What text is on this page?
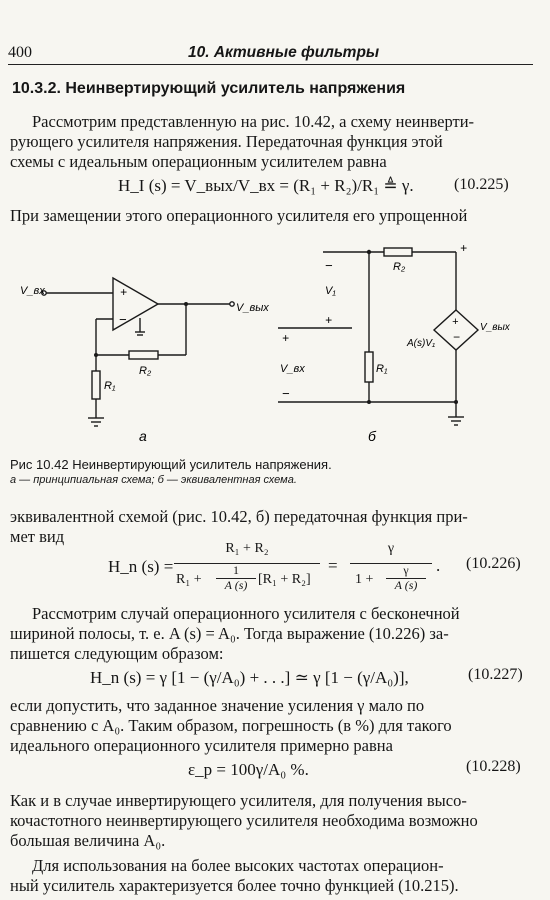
400	10. Активные фильтры
10.3.2. Неинвертирующий усилитель напряжения
Рассмотрим представленную на рис. 10.42, а схему неинверти-
рующего усилителя напряжения. Передаточная функция этой
схемы с идеальным операционным усилителем равна
H_I (s) = V_вых/V_вх = (R₁ + R₂)/R₁ ≜ γ.	(10.225)
При замещении этого операционного усилителя его упрощенной
V_вх
V_вых
+
−
R₂
R₁
а
−
V₁
+
+
V_вх
−
R₂
R₁
A(s)V₁
V_вых
+
+
−
б
Рис 10.42 Неинвертирующий усилитель напряжения.
а — принципиальная схема; б — эквивалентная схема.
эквивалентной схемой (рис. 10.42, б) передаточная функция при-
мет вид
H_n (s) =
R₁ + R₂
R₁ +
1
A (s) [R₁ + R₂]
=
γ
1 +
γ
A (s)
. (10.226)
Рассмотрим случай операционного усилителя с бесконечной
шириной полосы, т. е. A (s) = A₀. Тогда выражение (10.226) за-
пишется следующим образом:
H_n (s) = γ [1 − (γ/A₀) + . . .] ≃ γ [1 − (γ/A₀)],	(10.227)
если допустить, что заданное значение усиления γ мало по
сравнению с A₀. Таким образом, погрешность (в %) для такого
идеального операционного усилителя примерно равна
ε_p = 100γ/A₀ %.	(10.228)
Как и в случае инвертирующего усилителя, для получения высо-
кочастотного неинвертирующего усилителя необходима возможно
большая величина A₀.
Для использования на более высоких частотах операцион-
ный усилитель характеризуется более точно функцией (10.215).
